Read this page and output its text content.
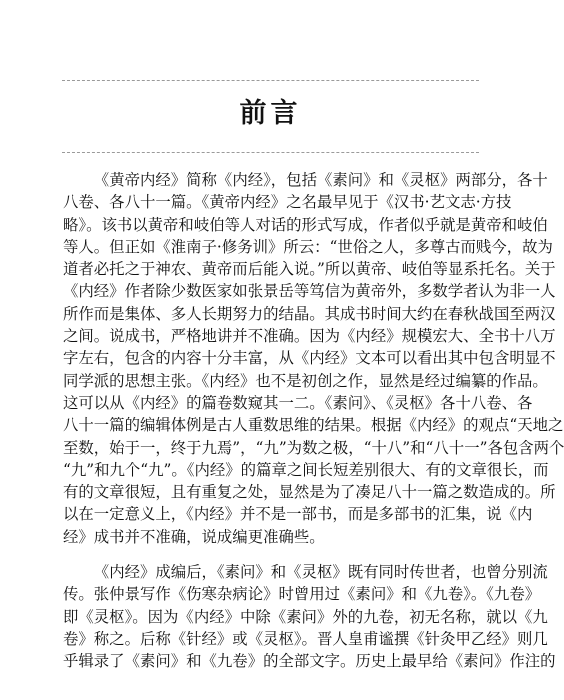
前言
《黄帝内经》简称《内经》，包括《素问》和《灵枢》两部分，各十
八卷、各八十一篇。《黄帝内经》之名最早见于《汉书·艺文志·方技
略》。该书以黄帝和岐伯等人对话的形式写成，作者似乎就是黄帝和岐伯
等人。但正如《淮南子·修务训》所云：“世俗之人，多尊古而贱今，故为
道者必托之于神农、黄帝而后能入说。”所以黄帝、岐伯等显系托名。关于
《内经》作者除少数医家如张景岳等笃信为黄帝外，多数学者认为非一人
所作而是集体、多人长期努力的结晶。其成书时间大约在春秋战国至两汉
之间。说成书，严格地讲并不准确。因为《内经》规模宏大、全书十八万
字左右，包含的内容十分丰富，从《内经》文本可以看出其中包含明显不
同学派的思想主张。《内经》也不是初创之作，显然是经过编纂的作品。
这可以从《内经》的篇卷数窥其一二。《素问》、《灵枢》各十八卷、各
八十一篇的编辑体例是古人重数思维的结果。根据《内经》的观点“天地之
至数，始于一，终于九焉”，“九”为数之极，“十八”和“八十一”各包含两个
“九”和九个“九”。《内经》的篇章之间长短差别很大、有的文章很长，而
有的文章很短，且有重复之处，显然是为了凑足八十一篇之数造成的。所
以在一定意义上，《内经》并不是一部书，而是多部书的汇集，说《内
经》成书并不准确，说成编更准确些。
《内经》成编后，《素问》和《灵枢》既有同时传世者，也曾分别流
传。张仲景写作《伤寒杂病论》时曾用过《素问》和《九卷》。《九卷》
即《灵枢》。因为《内经》中除《素问》外的九卷，初无名称，就以《九
卷》称之。后称《针经》或《灵枢》。晋人皇甫谧撰《针灸甲乙经》则几
乎辑录了《素问》和《九卷》的全部文字。历史上最早给《素问》作注的
